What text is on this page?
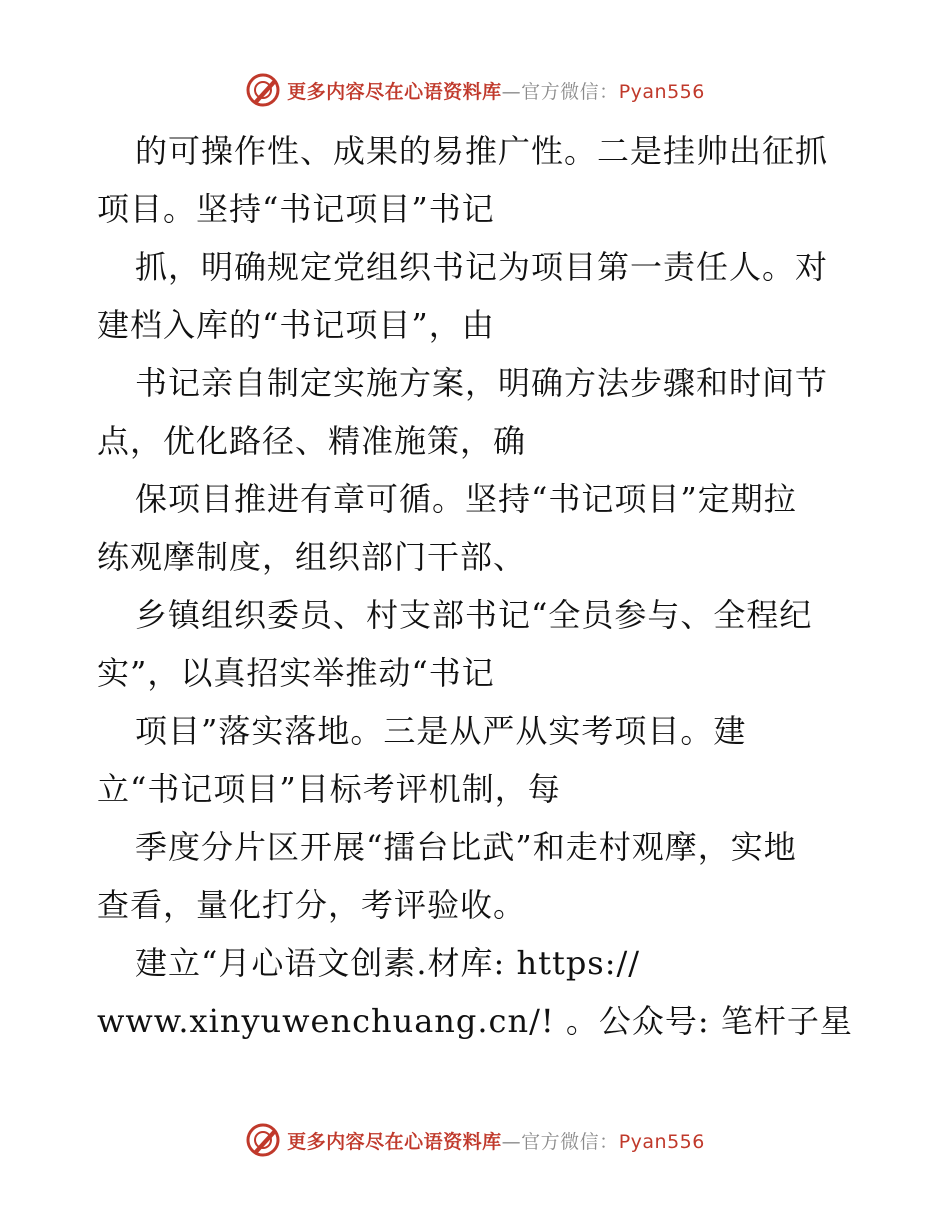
更多内容尽在心语资料库—官方微信：Pyan556
的可操作性、成果的易推广性。二是挂帅出征抓
项目。坚持“书记项目”书记
抓，明确规定党组织书记为项目第一责任人。对
建档入库的“书记项目”，由
书记亲自制定实施方案，明确方法步骤和时间节
点，优化路径、精准施策，确
保项目推进有章可循。坚持“书记项目”定期拉
练观摩制度，组织部门干部、
乡镇组织委员、村支部书记“全员参与、全程纪
实”，以真招实举推动“书记
项目”落实落地。三是从严从实考项目。建
立“书记项目”目标考评机制，每
季度分片区开展“擂台比武”和走村观摩，实地
查看，量化打分，考评验收。
建立“月心语文创素.材库: https://
www.xinyuwenchuang.cn/! 。公众号: 笔杆子星
更多内容尽在心语资料库—官方微信：Pyan556
